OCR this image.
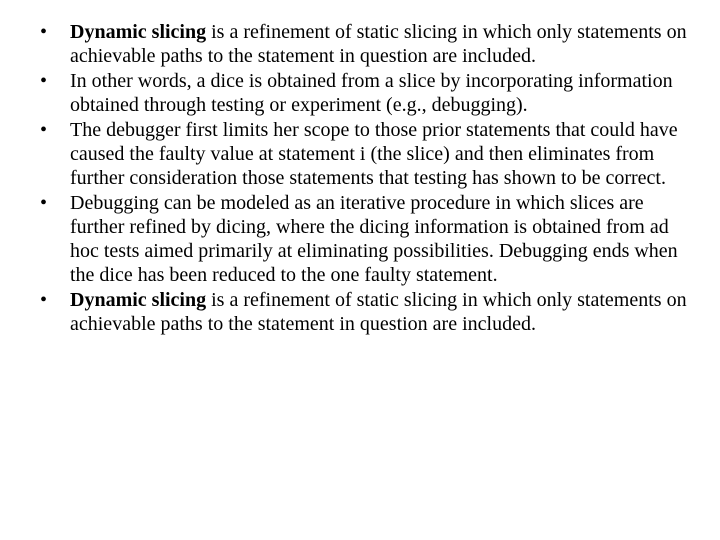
•	Dynamic slicing is a refinement of static slicing in which only statements on achievable paths to the statement in question are included.
•	In other words, a dice is obtained from a slice by incorporating information obtained through testing or experiment (e.g., debugging).
•	The debugger first limits her scope to those prior statements that could have caused the faulty value at statement i (the slice) and then eliminates from further consideration those statements that testing has shown to be correct.
•	Debugging can be modeled as an iterative procedure in which slices are further refined by dicing, where the dicing information is obtained from ad hoc tests aimed primarily at eliminating possibilities. Debugging ends when the dice has been reduced to the one faulty statement.
•	Dynamic slicing is a refinement of static slicing in which only statements on achievable paths to the statement in question are included.
